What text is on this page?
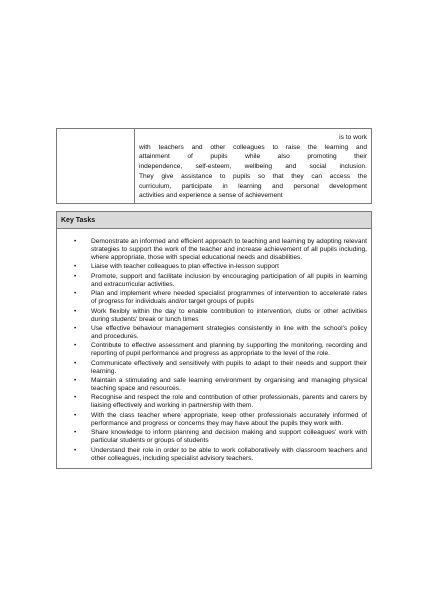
is to work
with teachers and other colleagues to raise the learning and
attainment of pupils while also promoting their
independence, self-esteem, wellbeing and social inclusion.
They give assistance to pupils so that they can access the
curriculum, participate in learning and personal development
activities and experience a sense of achievement
Key Tasks

• Demonstrate an informed and efficient approach to teaching and learning by adopting relevant strategies to support the work of the teacher and increase achievement of all pupils including, where appropriate, those with special educational needs and disabilities.
• Liaise with teacher colleagues to plan effective in-lesson support
• Promote, support and facilitate inclusion by encouraging participation of all pupils in learning and extracurricular activities.
• Plan and implement where needed specialist programmes of intervention to accelerate rates of progress for individuals and/or target groups of pupils
• Work flexibly within the day to enable contribution to intervention, clubs or other activities during students' break or lunch times
• Use effective behaviour management strategies consistently in line with the school's policy and procedures.
• Contribute to effective assessment and planning by supporting the monitoring, recording and reporting of pupil performance and progress as appropriate to the level of the role.
• Communicate effectively and sensitively with pupils to adapt to their needs and support their learning.
• Maintain a stimulating and safe learning environment by organising and managing physical teaching space and resources.
• Recognise and respect the role and contribution of other professionals, parents and carers by liaising effectively and working in partnership with them.
• With the class teacher where appropriate, keep other professionals accurately informed of performance and progress or concerns they may have about the pupils they work with.
• Share knowledge to inform planning and decision making and support colleagues' work with particular students or groups of students
• Understand their role in order to be able to work collaboratively with classroom teachers and other colleagues, including specialist advisory teachers.
